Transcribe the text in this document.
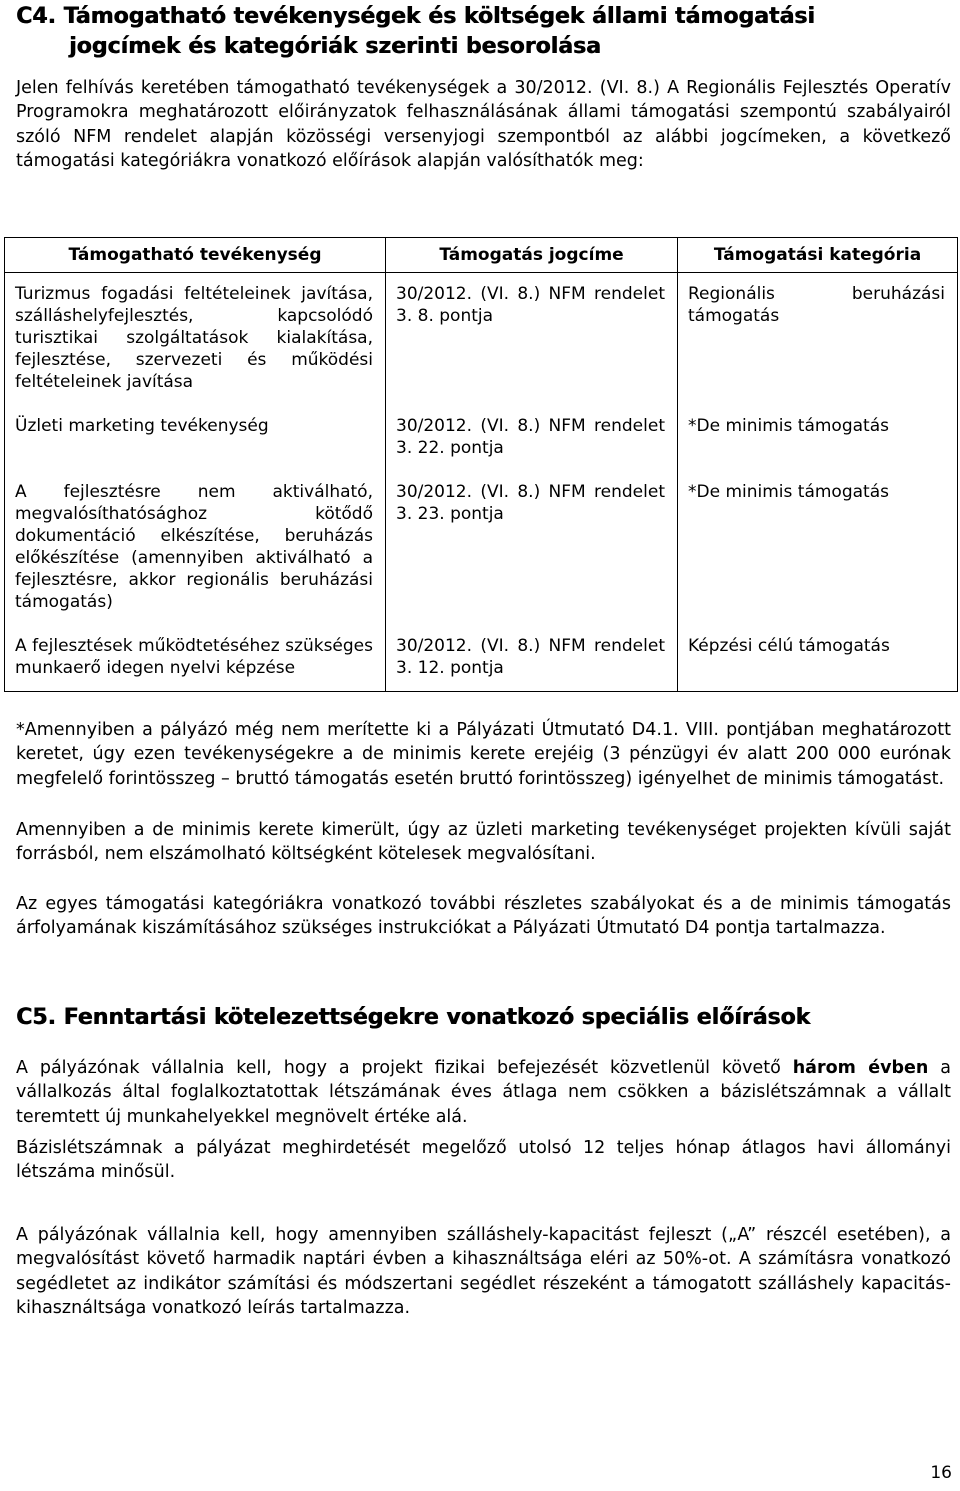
C4. Támogatható tevékenységek és költségek állami támogatási
jogcímek és kategóriák szerinti besorolása

Jelen felhívás keretében támogatható tevékenységek a 30/2012. (VI. 8.) A Regionális Fejlesztés Operatív Programokra meghatározott előirányzatok felhasználásának állami támogatási szempontú szabályairól szóló NFM rendelet alapján közösségi versenyjogi szempontból az alábbi jogcímeken, a következő támogatási kategóriákra vonatkozó előírások alapján valósíthatók meg:

Támogatható tevékenység	Támogatás jogcíme	Támogatási kategória
Turizmus fogadási feltételeinek javítása, szálláshelyfejlesztés, kapcsolódó turisztikai szolgáltatások kialakítása, fejlesztése, szervezeti és működési feltételeinek javítása	30/2012. (VI. 8.) NFM rendelet 3. 8. pontja	Regionális beruházási támogatás
Üzleti marketing tevékenység	30/2012. (VI. 8.) NFM rendelet 3. 22. pontja	*De minimis támogatás
A fejlesztésre nem aktiválható, megvalósíthatósághoz kötődő dokumentáció elkészítése, beruházás előkészítése (amennyiben aktiválható a fejlesztésre, akkor regionális beruházási támogatás)	30/2012. (VI. 8.) NFM rendelet 3. 23. pontja	*De minimis támogatás
A fejlesztések működtetéséhez szükséges munkaerő idegen nyelvi képzése	30/2012. (VI. 8.) NFM rendelet 3. 12. pontja	Képzési célú támogatás

*Amennyiben a pályázó még nem merítette ki a Pályázati Útmutató D4.1. VIII. pontjában meghatározott keretet, úgy ezen tevékenységekre a de minimis kerete erejéig (3 pénzügyi év alatt 200 000 eurónak megfelelő forintösszeg – bruttó támogatás esetén bruttó forintösszeg) igényelhet de minimis támogatást.

Amennyiben a de minimis kerete kimerült, úgy az üzleti marketing tevékenységet projekten kívüli saját forrásból, nem elszámolható költségként kötelesek megvalósítani.

Az egyes támogatási kategóriákra vonatkozó további részletes szabályokat és a de minimis támogatás árfolyamának kiszámításához szükséges instrukciókat a Pályázati Útmutató D4 pontja tartalmazza.

C5. Fenntartási kötelezettségekre vonatkozó speciális előírások

A pályázónak vállalnia kell, hogy a projekt fizikai befejezését közvetlenül követő három évben a vállalkozás által foglalkoztatottak létszámának éves átlaga nem csökken a bázislétszámnak a vállalt teremtett új munkahelyekkel megnövelt értéke alá.

Bázislétszámnak a pályázat meghirdetését megelőző utolsó 12 teljes hónap átlagos havi állományi létszáma minősül.

A pályázónak vállalnia kell, hogy amennyiben szálláshely-kapacitást fejleszt („A” részcél esetében), a megvalósítást követő harmadik naptári évben a kihasználtsága eléri az 50%-ot. A számításra vonatkozó segédletet az indikátor számítási és módszertani segédlet részeként a támogatott szálláshely kapacitás-kihasználtsága vonatkozó leírás tartalmazza.

16
